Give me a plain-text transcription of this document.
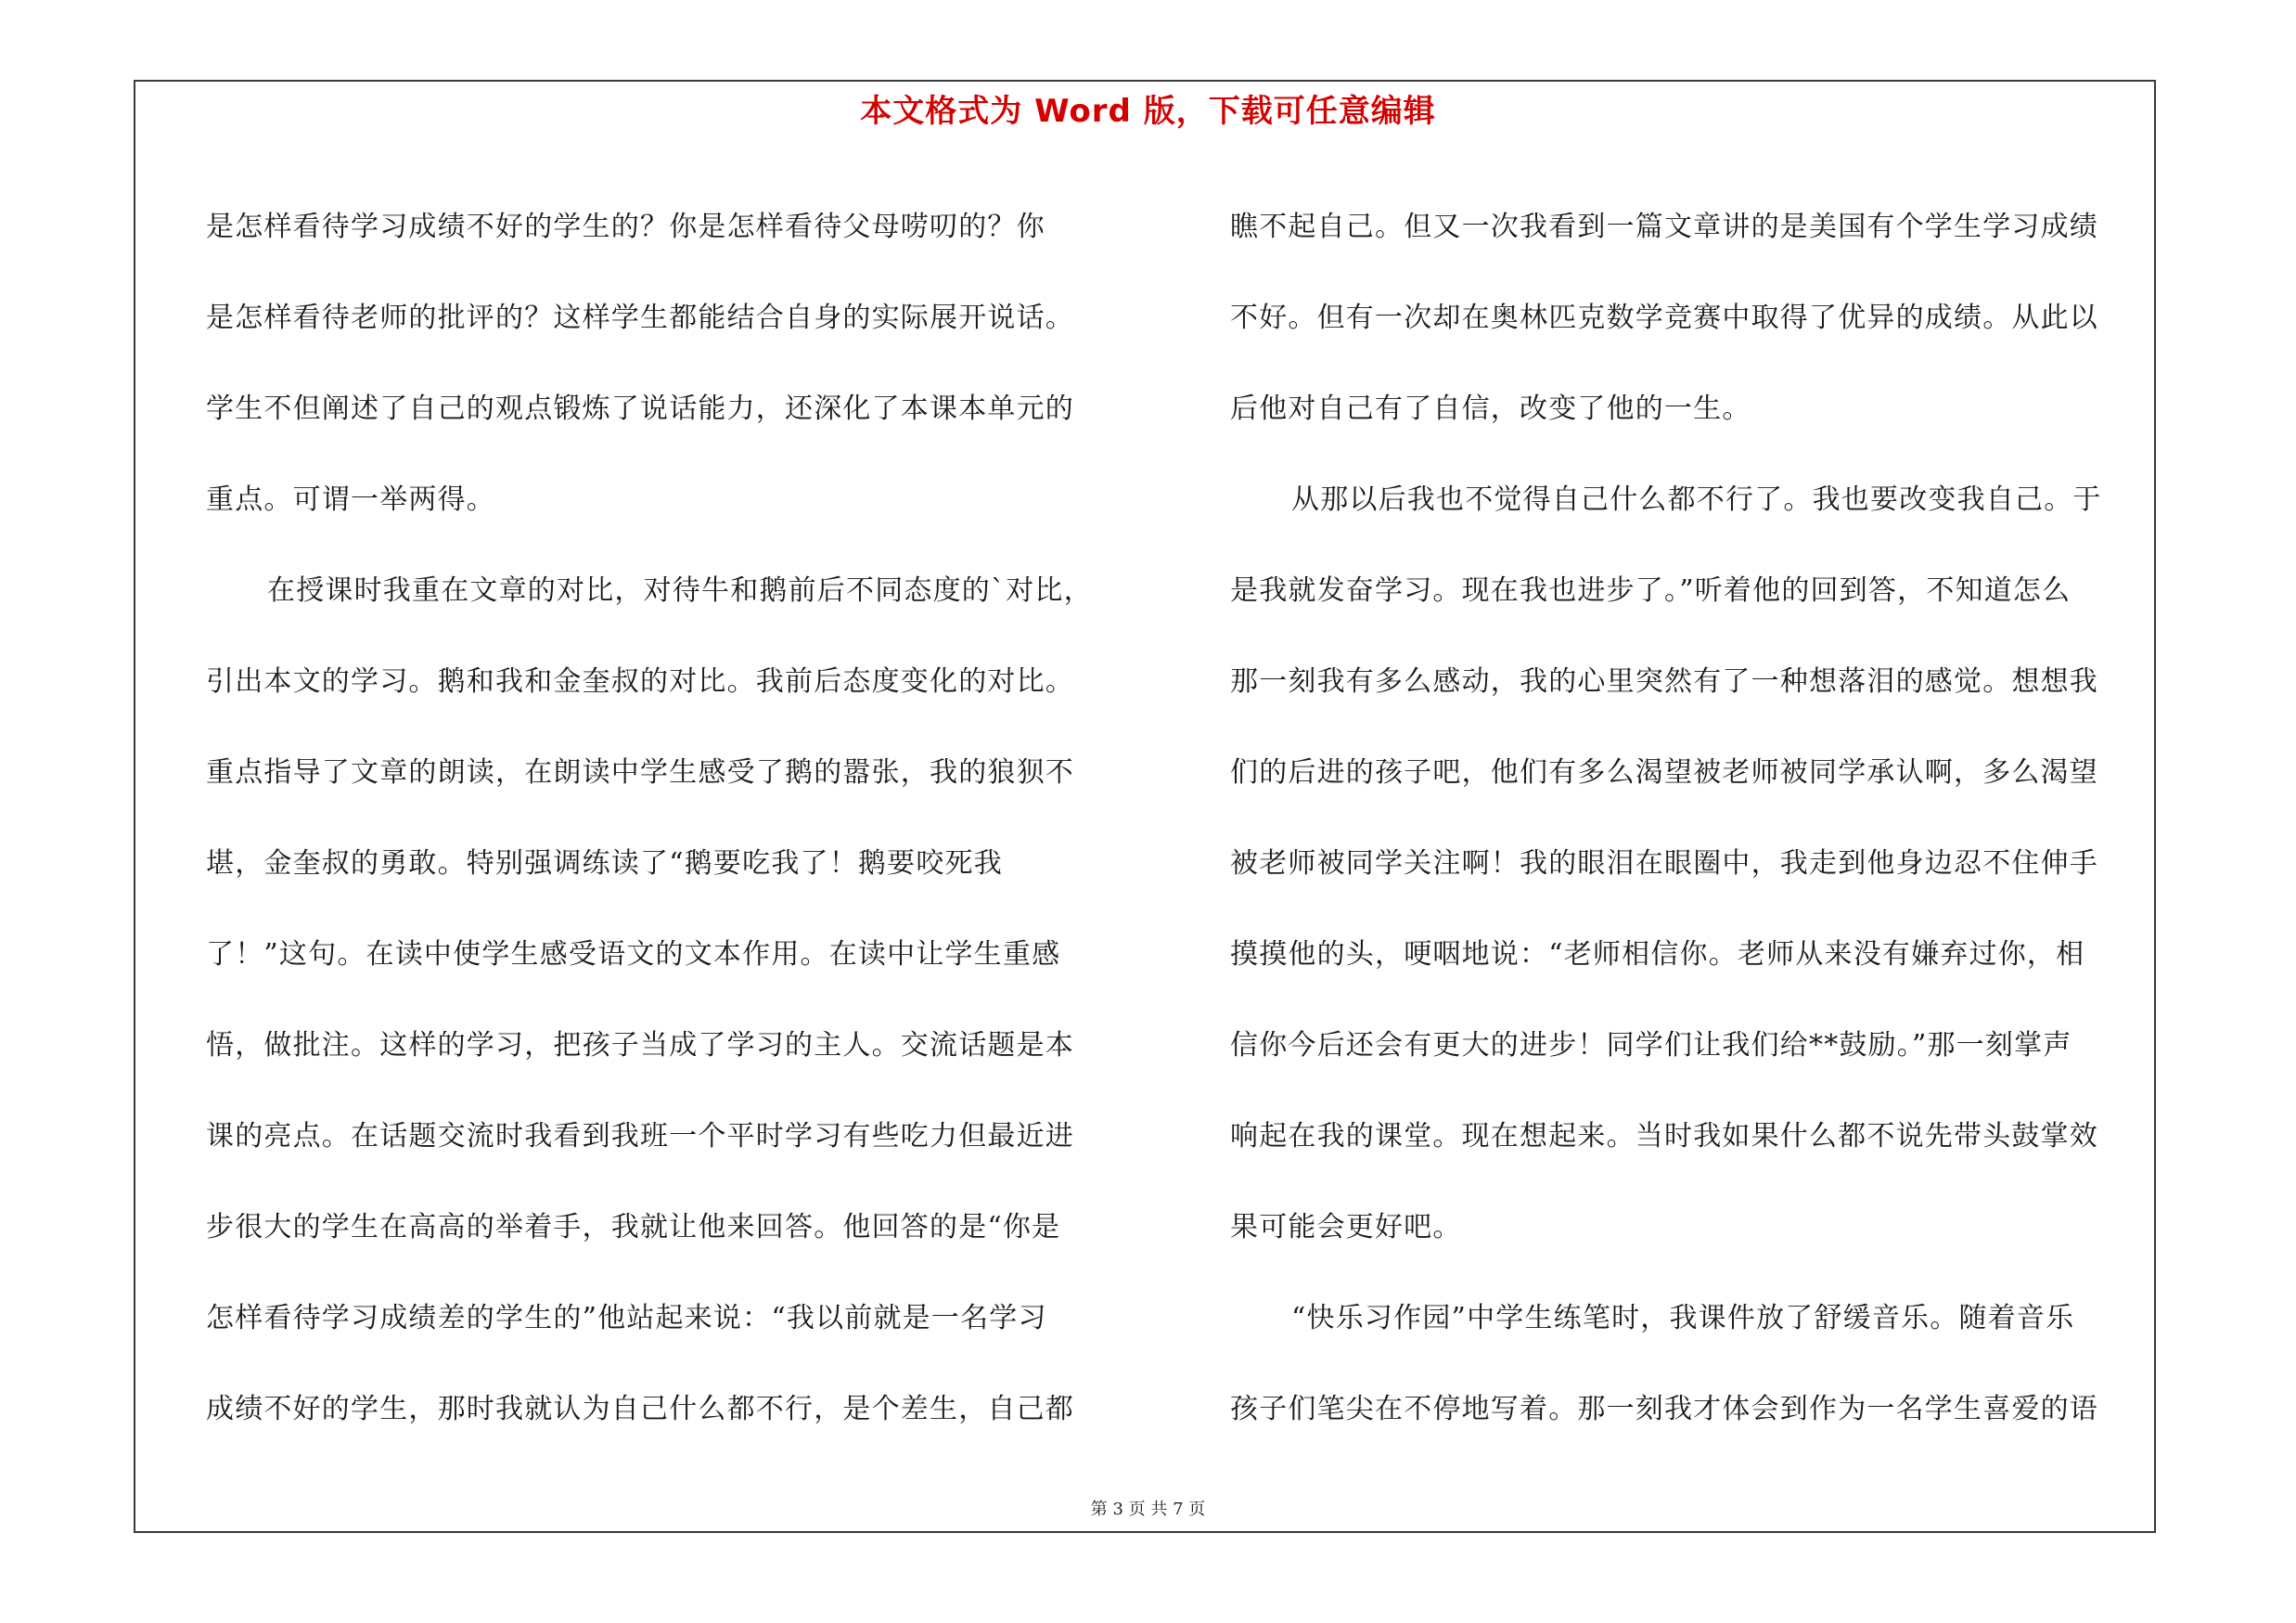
本文格式为 Word 版，下载可任意编辑
是怎样看待学习成绩不好的学生的？你是怎样看待父母唠叨的？你
是怎样看待老师的批评的？这样学生都能结合自身的实际展开说话。
学生不但阐述了自己的观点锻炼了说话能力，还深化了本课本单元的
重点。可谓一举两得。
在授课时我重在文章的对比，对待牛和鹅前后不同态度的`对比，
引出本文的学习。鹅和我和金奎叔的对比。我前后态度变化的对比。
重点指导了文章的朗读，在朗读中学生感受了鹅的嚣张，我的狼狈不
堪，金奎叔的勇敢。特别强调练读了“鹅要吃我了！鹅要咬死我
了！”这句。在读中使学生感受语文的文本作用。在读中让学生重感
悟，做批注。这样的学习，把孩子当成了学习的主人。交流话题是本
课的亮点。在话题交流时我看到我班一个平时学习有些吃力但最近进
步很大的学生在高高的举着手，我就让他来回答。他回答的是“你是
怎样看待学习成绩差的学生的”他站起来说：“我以前就是一名学习
成绩不好的学生，那时我就认为自己什么都不行，是个差生，自己都
瞧不起自己。但又一次我看到一篇文章讲的是美国有个学生学习成绩
不好。但有一次却在奥林匹克数学竞赛中取得了优异的成绩。从此以
后他对自己有了自信，改变了他的一生。
从那以后我也不觉得自己什么都不行了。我也要改变我自己。于
是我就发奋学习。现在我也进步了。”听着他的回到答，不知道怎么
那一刻我有多么感动，我的心里突然有了一种想落泪的感觉。想想我
们的后进的孩子吧，他们有多么渴望被老师被同学承认啊，多么渴望
被老师被同学关注啊！我的眼泪在眼圈中，我走到他身边忍不住伸手
摸摸他的头，哽咽地说：“老师相信你。老师从来没有嫌弃过你，相
信你今后还会有更大的进步！同学们让我们给**鼓励。”那一刻掌声
响起在我的课堂。现在想起来。当时我如果什么都不说先带头鼓掌效
果可能会更好吧。
“快乐习作园”中学生练笔时，我课件放了舒缓音乐。随着音乐
孩子们笔尖在不停地写着。那一刻我才体会到作为一名学生喜爱的语
第 3 页 共 7 页
